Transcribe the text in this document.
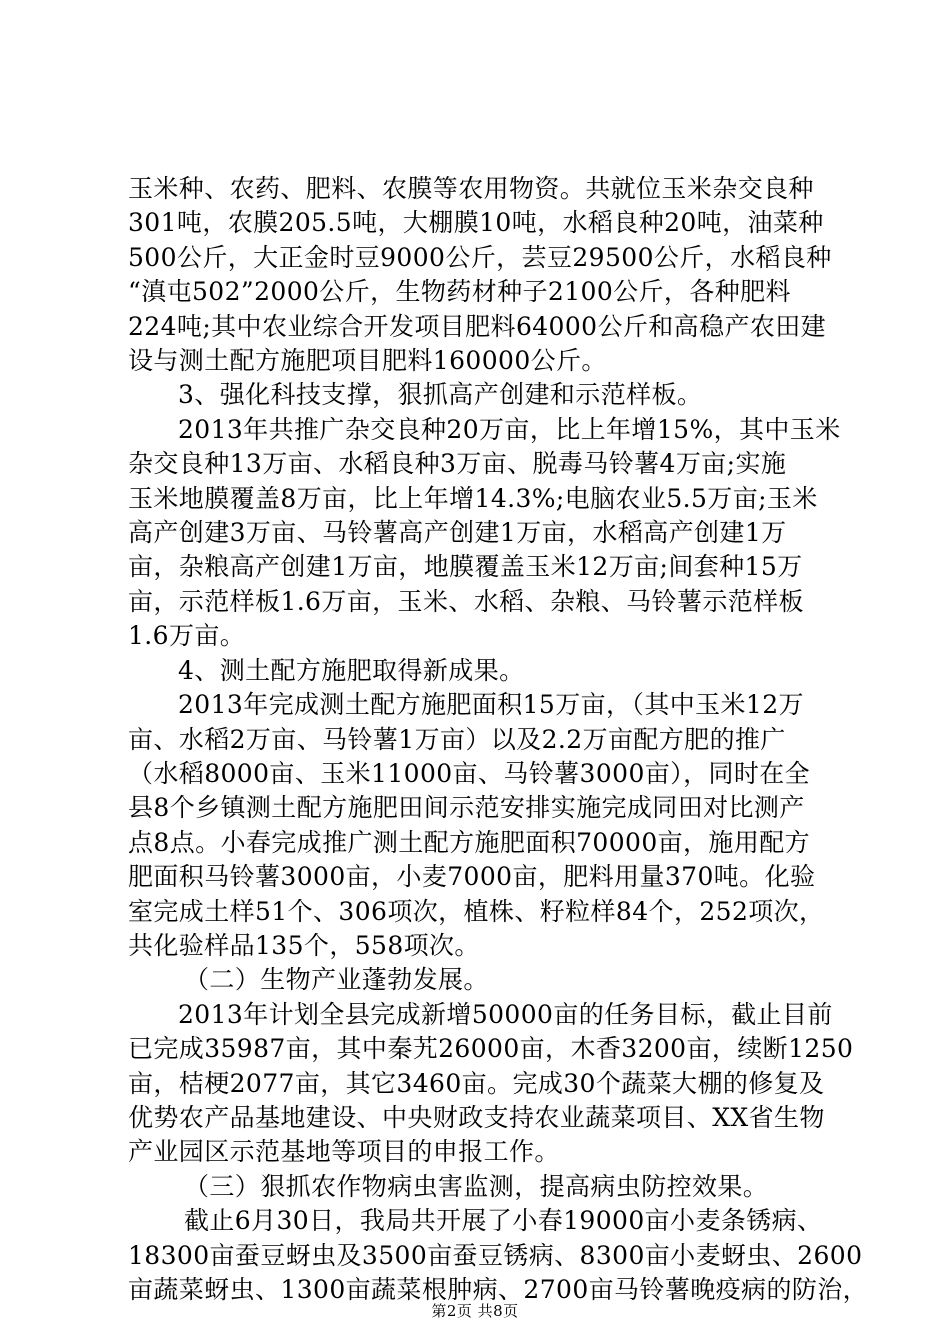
玉米种、农药、肥料、农膜等农用物资。共就位玉米杂交良种
301吨，农膜205.5吨，大棚膜10吨，水稻良种20吨，油菜种
500公斤，大正金时豆9000公斤，芸豆29500公斤，水稻良种
“滇屯502”2000公斤，生物药材种子2100公斤，各种肥料
224吨;其中农业综合开发项目肥料64000公斤和高稳产农田建
设与测土配方施肥项目肥料160000公斤。
3、强化科技支撑，狠抓高产创建和示范样板。
2013年共推广杂交良种20万亩，比上年增15%，其中玉米
杂交良种13万亩、水稻良种3万亩、脱毒马铃薯4万亩;实施
玉米地膜覆盖8万亩，比上年增14.3%;电脑农业5.5万亩;玉米
高产创建3万亩、马铃薯高产创建1万亩，水稻高产创建1万
亩，杂粮高产创建1万亩，地膜覆盖玉米12万亩;间套种15万
亩，示范样板1.6万亩，玉米、水稻、杂粮、马铃薯示范样板
1.6万亩。
4、测土配方施肥取得新成果。
2013年完成测土配方施肥面积15万亩，（其中玉米12万
亩、水稻2万亩、马铃薯1万亩）以及2.2万亩配方肥的推广
（水稻8000亩、玉米11000亩、马铃薯3000亩），同时在全
县8个乡镇测土配方施肥田间示范安排实施完成同田对比测产
点8点。小春完成推广测土配方施肥面积70000亩，施用配方
肥面积马铃薯3000亩，小麦7000亩，肥料用量370吨。化验
室完成土样51个、306项次，植株、籽粒样84个，252项次，
共化验样品135个，558项次。
（二）生物产业蓬勃发展。
2013年计划全县完成新增50000亩的任务目标，截止目前
已完成35987亩，其中秦艽26000亩，木香3200亩，续断1250
亩，桔梗2077亩，其它3460亩。完成30个蔬菜大棚的修复及
优势农产品基地建设、中央财政支持农业蔬菜项目、XX省生物
产业园区示范基地等项目的申报工作。
（三）狠抓农作物病虫害监测，提高病虫防控效果。
截止6月30日，我局共开展了小春19000亩小麦条锈病、
18300亩蚕豆蚜虫及3500亩蚕豆锈病、8300亩小麦蚜虫、2600
亩蔬菜蚜虫、1300亩蔬菜根肿病、2700亩马铃薯晚疫病的防治，
第2页 共8页
